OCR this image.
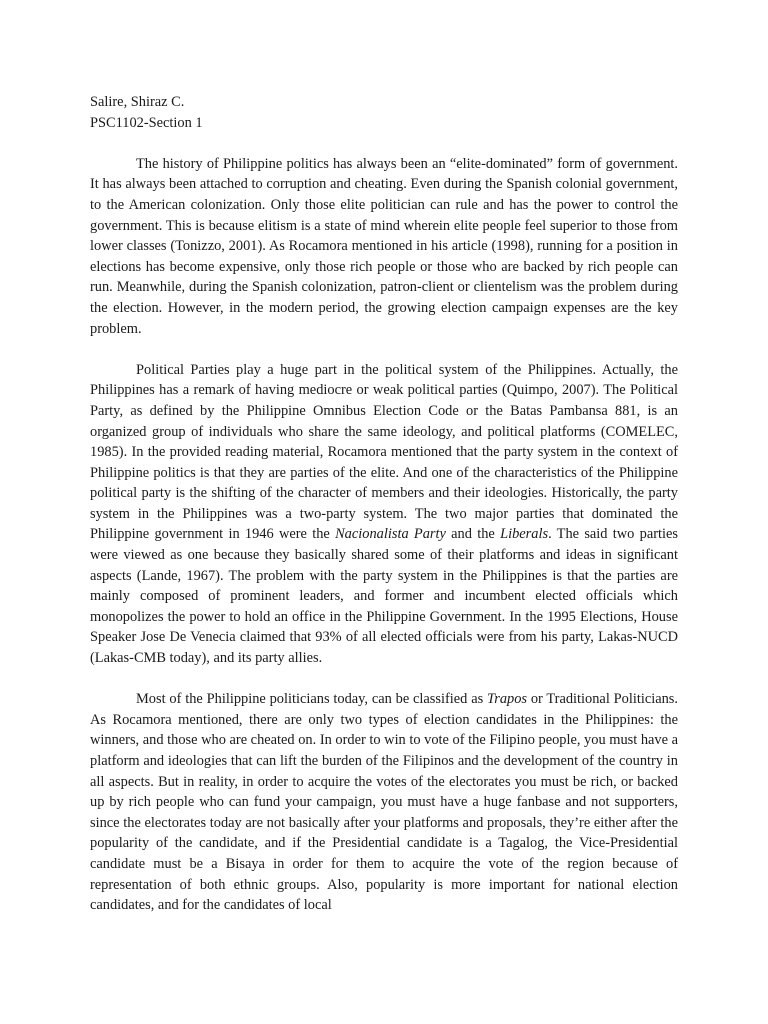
Salire, Shiraz C.

PSC1102-Section 1

The history of Philippine politics has always been an “elite-dominated” form of government. It has always been attached to corruption and cheating. Even during the Spanish colonial government, to the American colonization. Only those elite politician can rule and has the power to control the government. This is because elitism is a state of mind wherein elite people feel superior to those from lower classes (Tonizzo, 2001). As Rocamora mentioned in his article (1998), running for a position in elections has become expensive, only those rich people or those who are backed by rich people can run. Meanwhile, during the Spanish colonization, patron-client or clientelism was the problem during the election. However, in the modern period, the growing election campaign expenses are the key problem.

Political Parties play a huge part in the political system of the Philippines. Actually, the Philippines has a remark of having mediocre or weak political parties (Quimpo, 2007). The Political Party, as defined by the Philippine Omnibus Election Code or the Batas Pambansa 881, is an organized group of individuals who share the same ideology, and political platforms (COMELEC, 1985). In the provided reading material, Rocamora mentioned that the party system in the context of Philippine politics is that they are parties of the elite. And one of the characteristics of the Philippine political party is the shifting of the character of members and their ideologies. Historically, the party system in the Philippines was a two-party system. The two major parties that dominated the Philippine government in 1946 were the Nacionalista Party and the Liberals. The said two parties were viewed as one because they basically shared some of their platforms and ideas in significant aspects (Lande, 1967). The problem with the party system in the Philippines is that the parties are mainly composed of prominent leaders, and former and incumbent elected officials which monopolizes the power to hold an office in the Philippine Government. In the 1995 Elections, House Speaker Jose De Venecia claimed that 93% of all elected officials were from his party, Lakas-NUCD (Lakas-CMB today), and its party allies.

Most of the Philippine politicians today, can be classified as Trapos or Traditional Politicians. As Rocamora mentioned, there are only two types of election candidates in the Philippines: the winners, and those who are cheated on. In order to win to vote of the Filipino people, you must have a platform and ideologies that can lift the burden of the Filipinos and the development of the country in all aspects. But in reality, in order to acquire the votes of the electorates you must be rich, or backed up by rich people who can fund your campaign, you must have a huge fanbase and not supporters, since the electorates today are not basically after your platforms and proposals, they’re either after the popularity of the candidate, and if the Presidential candidate is a Tagalog, the Vice-Presidential candidate must be a Bisaya in order for them to acquire the vote of the region because of representation of both ethnic groups. Also, popularity is more important for national election candidates, and for the candidates of local
